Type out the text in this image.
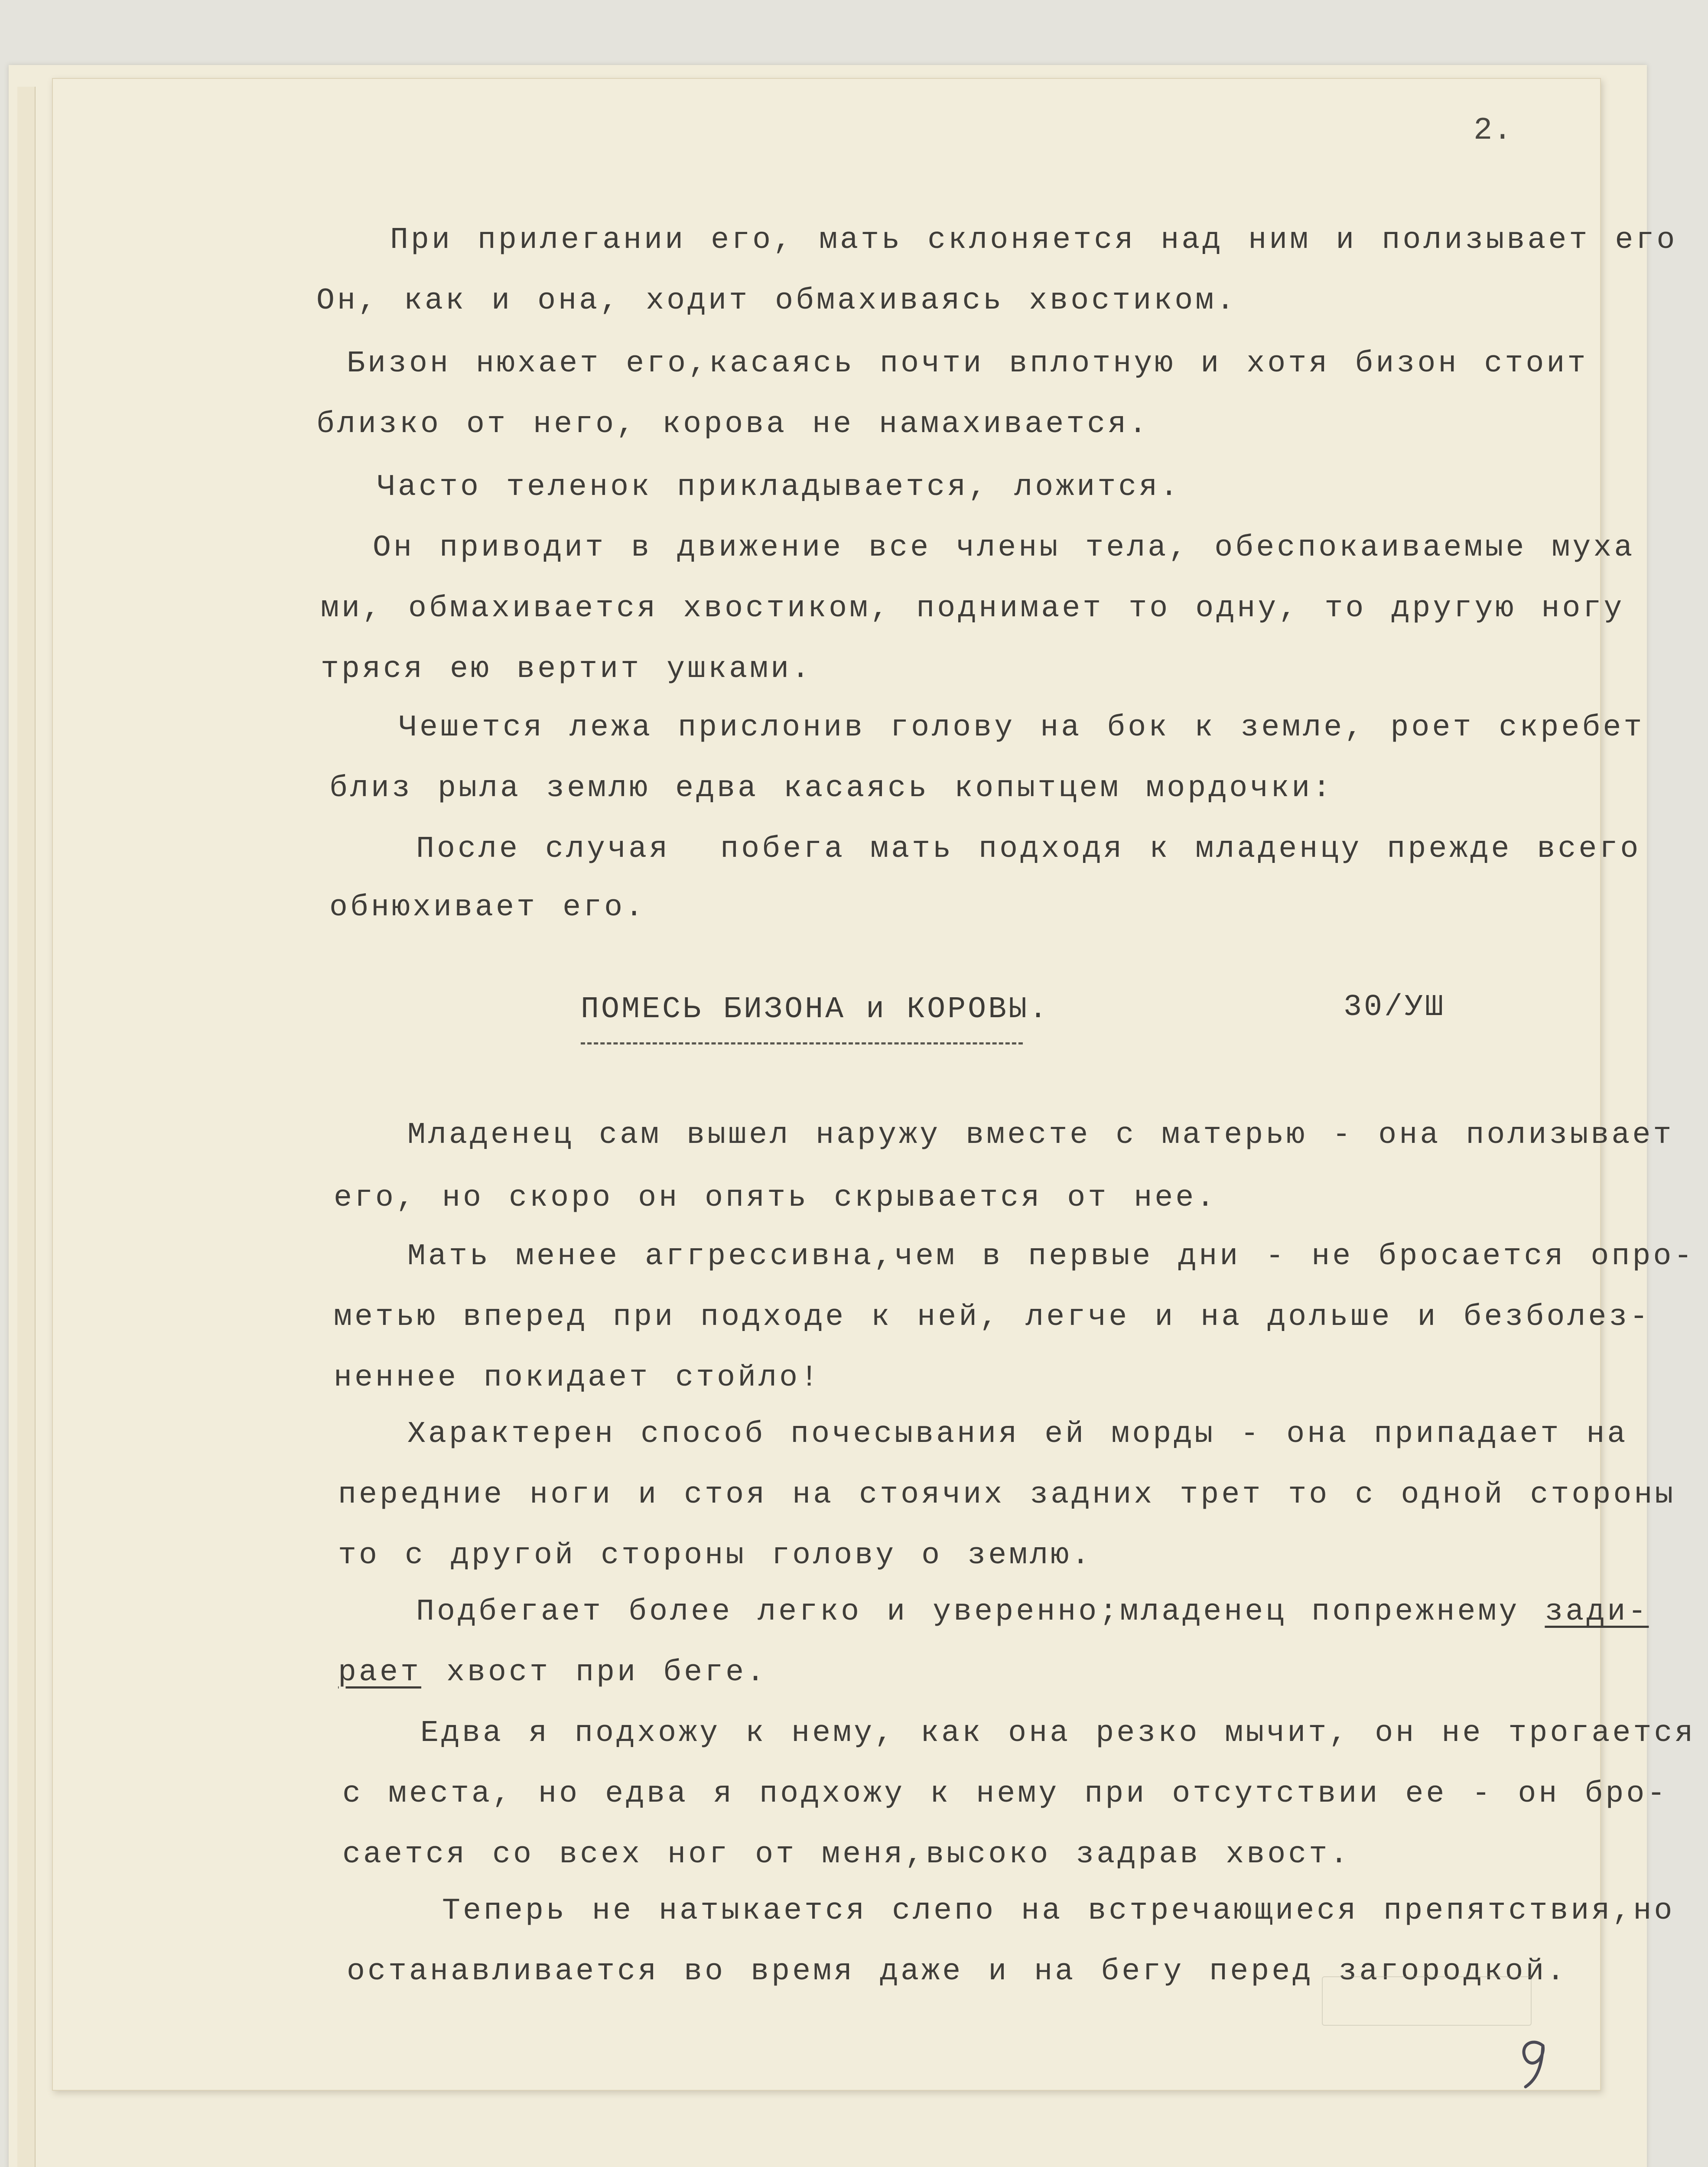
2.
При прилегании его, мать склоняется над ним и полизывает его
Он, как и она, ходит обмахиваясь хвостиком.
Бизон нюхает его,касаясь почти вплотную и хотя бизон стоит
близко от него, корова не намахивается.
Часто теленок прикладывается, ложится.
Он приводит в движение все члены тела, обеспокаиваемые муха
ми, обмахивается хвостиком, поднимает то одну, то другую ногу
тряся ею вертит ушками.
Чешется лежа прислонив голову на бок к земле, роет скребет
близ рыла землю едва касаясь копытцем мордочки:
После случая  побега мать подходя к младенцу прежде всего
обнюхивает его.
ПОМЕСЬ БИЗОНА и КОРОВЫ.	30/УШ
Младенец сам вышел наружу вместе с матерью - она полизывает
его, но скоро он опять скрывается от нее.
Мать менее аггрессивна,чем в первые дни - не бросается опро-
метью вперед при подходе к ней, легче и на дольше и безболез-
неннее покидает стойло!
Характерен способ почесывания ей морды - она припадает на
передние ноги и стоя на стоячих задних трет то с одной стороны
то с другой стороны голову о землю.
Подбегает более легко и уверенно;младенец попрежнему зади-
рает хвост при беге.
Едва я подхожу к нему, как она резко мычит, он не трогается
с места, но едва я подхожу к нему при отсутствии ее - он бро-
сается со всех ног от меня,высоко задрав хвост.
Теперь не натыкается слепо на встречающиеся препятствия,но
останавливается во время даже и на бегу перед загородкой.
